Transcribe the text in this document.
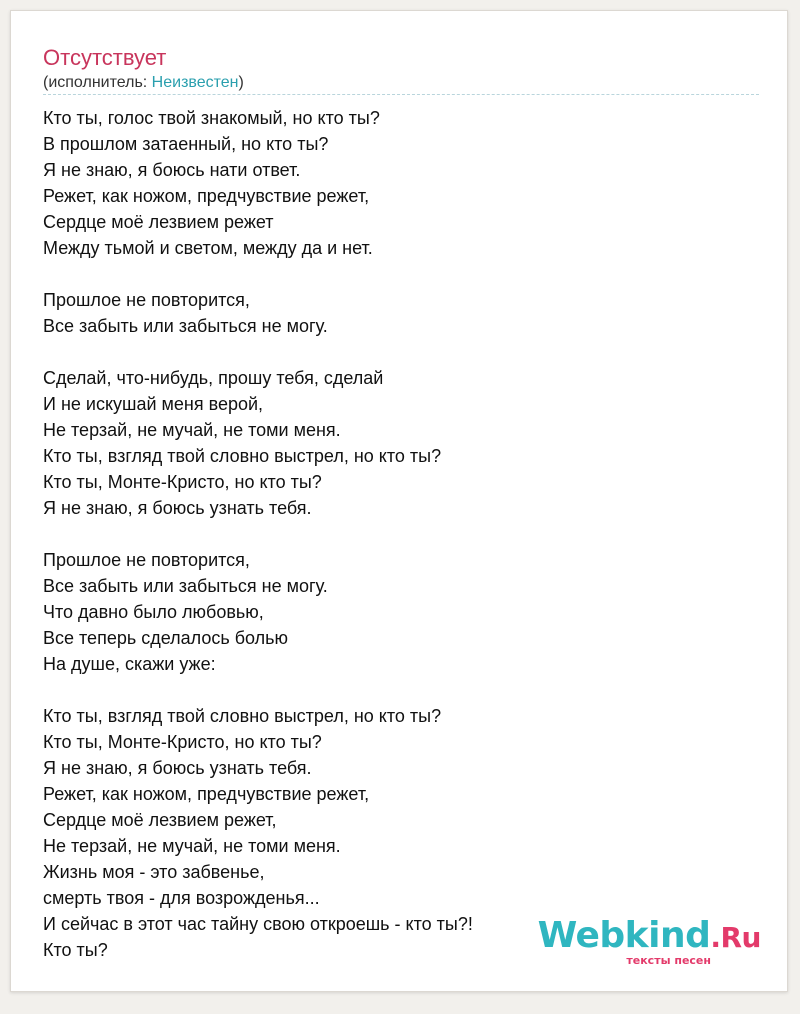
Отсутствует
(исполнитель: Неизвестен)
Кто ты, голос твой знакомый, но кто ты?
В прошлом затаенный, но кто ты?
Я не знаю, я боюсь нати ответ.
Режет, как ножом, предчувствие режет,
Сердце моё лезвием режет
Между тьмой и светом, между да и нет.
Прошлое не повторится,
Все забыть или забыться не могу.
Сделай, что-нибудь, прошу тебя, сделай
И не искушай меня верой,
Не терзай, не мучай, не томи меня.
Кто ты, взгляд твой словно выстрел, но кто ты?
Кто ты, Монте-Кристо, но кто ты?
Я не знаю, я боюсь узнать тебя.
Прошлое не повторится,
Все забыть или забыться не могу.
Что давно было любовью,
Все теперь сделалось болью
На душе, скажи уже:
Кто ты, взгляд твой словно выстрел, но кто ты?
Кто ты, Монте-Кристо, но кто ты?
Я не знаю, я боюсь узнать тебя.
Режет, как ножом, предчувствие режет,
Сердце моё лезвием режет,
Не терзай, не мучай, не томи меня.
Жизнь моя - это забвенье,
смерть твоя - для возрожденья...
И сейчас в этот час тайну свою откроешь - кто ты?!
Кто ты?	Webkind.Ru
тексты песен
